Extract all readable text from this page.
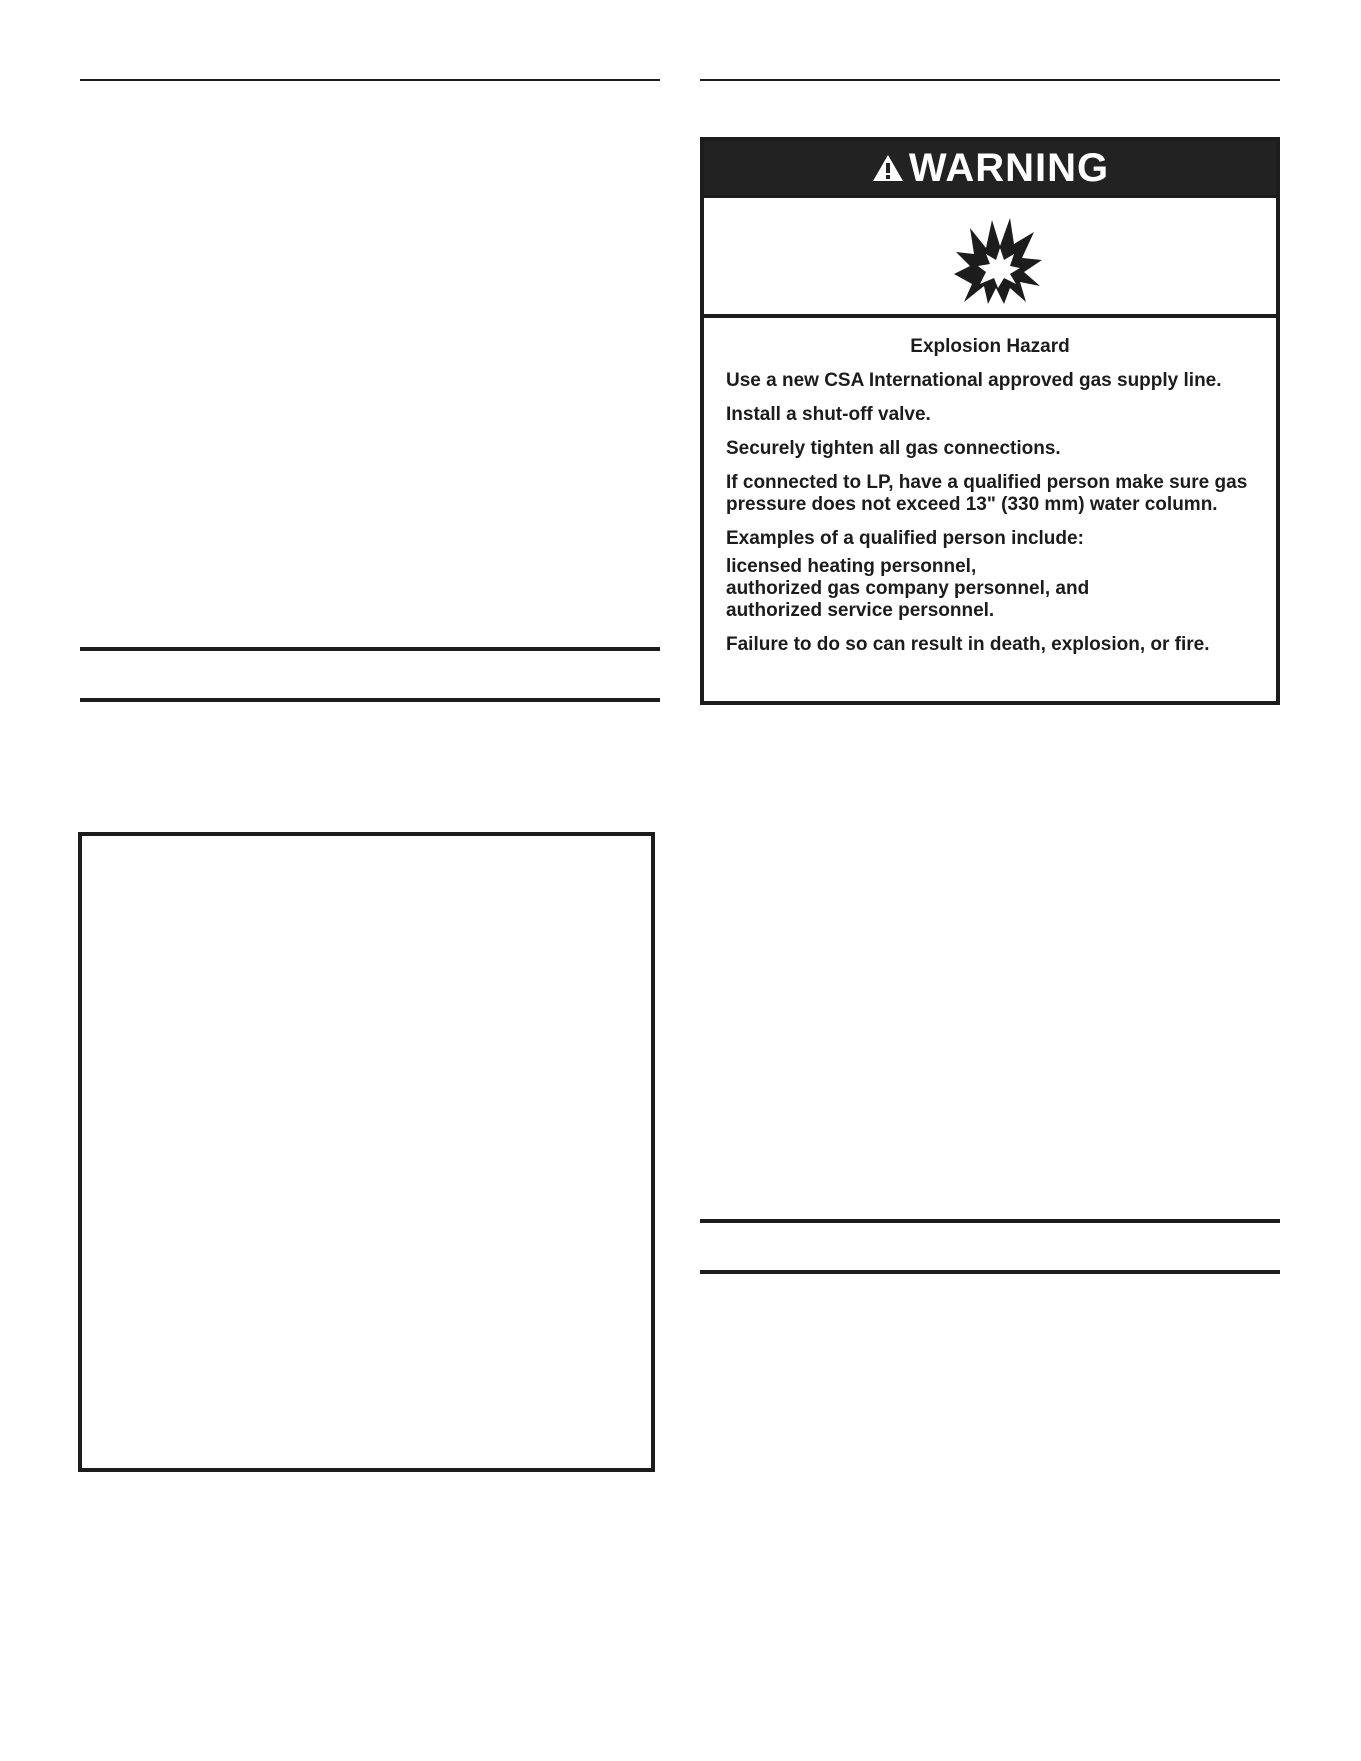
WARNING
Explosion Hazard
Use a new CSA International approved gas supply line.
Install a shut-off valve.
Securely tighten all gas connections.
If connected to LP, have a qualified person make sure gas pressure does not exceed 13" (330 mm) water column.
Examples of a qualified person include:
licensed heating personnel,
authorized gas company personnel, and
authorized service personnel.
Failure to do so can result in death, explosion, or fire.
